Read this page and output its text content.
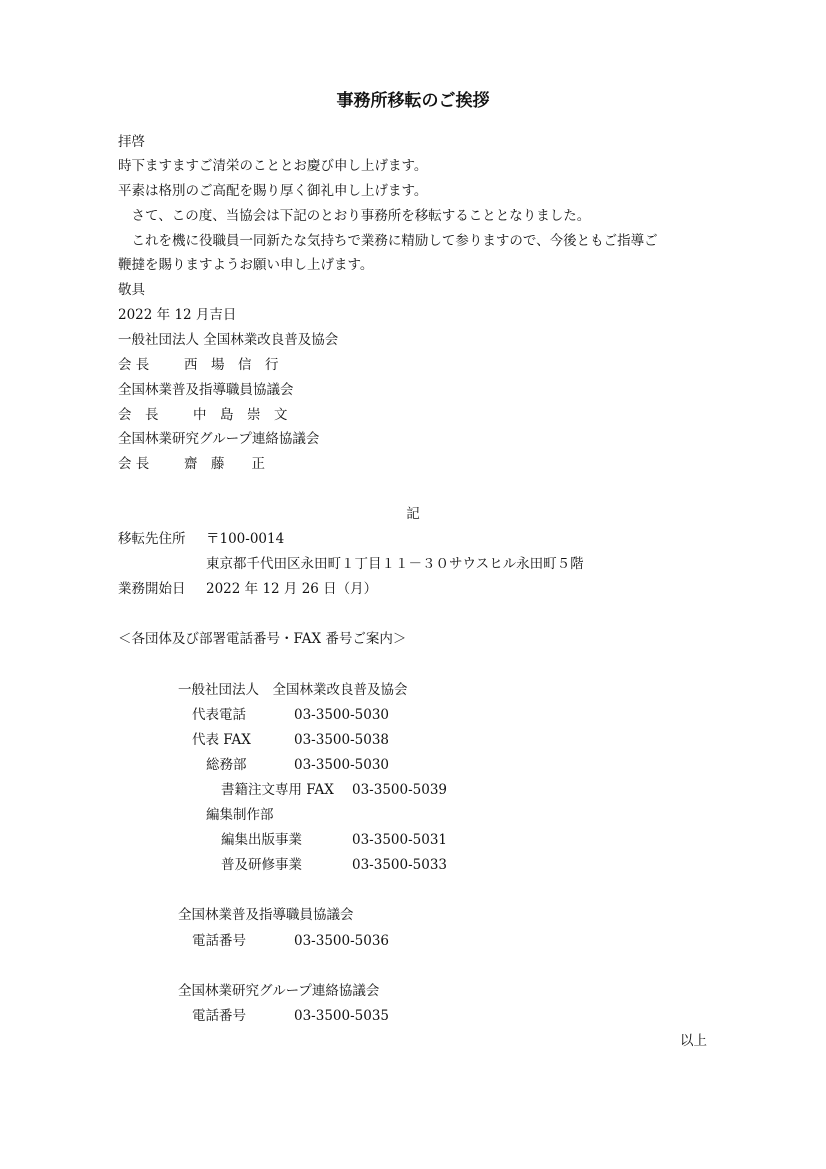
事務所移転のご挨拶
拝啓
時下ますますご清栄のこととお慶び申し上げます。
平素は格別のご高配を賜り厚く御礼申し上げます。
　さて、この度、当協会は下記のとおり事務所を移転することとなりました。
　これを機に役職員一同新たな気持ちで業務に精励して参りますので、今後ともご指導ご
鞭撻を賜りますようお願い申し上げます。
敬具
2022 年 12 月吉日
一般社団法人 全国林業改良普及協会
会 長	西　場　信　行
全国林業普及指導職員協議会
会　長	中　島　崇　文
全国林業研究グループ連絡協議会
会 長	齋　藤　　正
記
移転先住所 〒100-0014
東京都千代田区永田町１丁目１１－３０サウスヒル永田町５階
業務開始日 2022 年 12 月 26 日（月）
＜各団体及び部署電話番号・FAX 番号ご案内＞
一般社団法人　全国林業改良普及協会
代表電話	03-3500-5030
代表 FAX	03-3500-5038
総務部	03-3500-5030
書籍注文専用 FAX 03-3500-5039
編集制作部
編集出版事業	03-3500-5031
普及研修事業	03-3500-5033
全国林業普及指導職員協議会
電話番号	03-3500-5036
全国林業研究グループ連絡協議会
電話番号	03-3500-5035
以上
